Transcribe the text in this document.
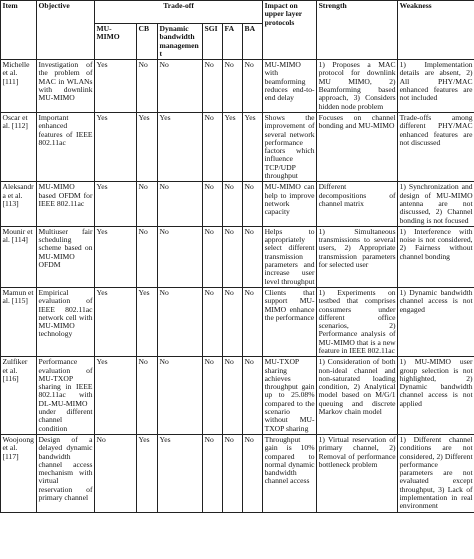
Item	Objective	Trade-off						Impact on upper layer protocols	Strength	Weakness
		MU-MIMO	CB	Dynamic bandwidth management	SGI	FA	BA			
Michelle et al. [111]	Investigation of the problem of MAC in WLANs with downlink MU-MIMO	Yes	No	No	No	No	No	MU-MIMO with beamforming reduces end-to-end delay	1) Proposes a MAC protocol for downlink MU MIMO, 2) Beamforming based approach, 3) Considers hidden node problem	1) Implementation details are absent, 2) All PHY/MAC enhanced features are not included
Oscar et al. [112]	Important enhanced features of IEEE 802.11ac	Yes	Yes	Yes	No	Yes	Yes	Shows the improvement of several network performance factors which influence TCP/UDP throughput	Focuses on channel bonding and MU-MIMO	Trade-offs among different PHY/MAC enhanced features are not discussed
Aleksandra et al. [113]	MU-MIMO based OFDM for IEEE 802.11ac	Yes	No	No	No	No	No	MU-MIMO can help to improve network capacity	Different decompositions of channel matrix	1) Synchronization and design of MU-MIMO antenna are not discussed, 2) Channel bonding is not focused
Mounir et al. [114]	Multiuser fair scheduling scheme based on MU-MIMO OFDM	Yes	No	No	No	No	No	Helps to appropriately select different transmission parameters and increase user level throughput	1) Simultaneous transmissions to several users, 2) Appropriate transmission parameters for selected user	1) Interference with noise is not considered, 2) Fairness without channel bonding
Mamun et al. [115]	Empirical evaluation of IEEE 802.11ac network cell with MU-MIMO technology	Yes	Yes	No	No	No	No	Clients that support MU-MIMO enhance the performance	1) Experiments on testbed that comprises consumers under different office scenarios, 2) Performance analysis of MU-MIMO that is a new feature in IEEE 802.11ac	1) Dynamic bandwidth channel access is not engaged
Zulfiker et al. [116]	Performance evaluation of MU-TXOP sharing in IEEE 802.11ac with DL-MU-MIMO under different channel condition	Yes	No	No	No	No	No	MU-TXOP sharing achieves throughput gain up to 25.08% compared to the scenario without MU-TXOP sharing	1) Consideration of both non-ideal channel and non-saturated loading condition, 2) Analytical model based on M/G/1 queuing and discrete Markov chain model	1) MU-MIMO user group selection is not highlighted, 2) Dynamic bandwidth channel access is not applied
Woojoong et al. [117]	Design of a delayed dynamic bandwidth channel access mechanism with virtual reservation of primary channel	No	Yes	Yes	No	No	No	Throughput gain is 10% compared to normal dynamic bandwidth channel access	1) Virtual reservation of primary channel, 2) Removal of performance bottleneck problem	1) Different channel conditions are not considered, 2) Different performance parameters are not evaluated except throughput, 3) Lack of implementation in real environment
